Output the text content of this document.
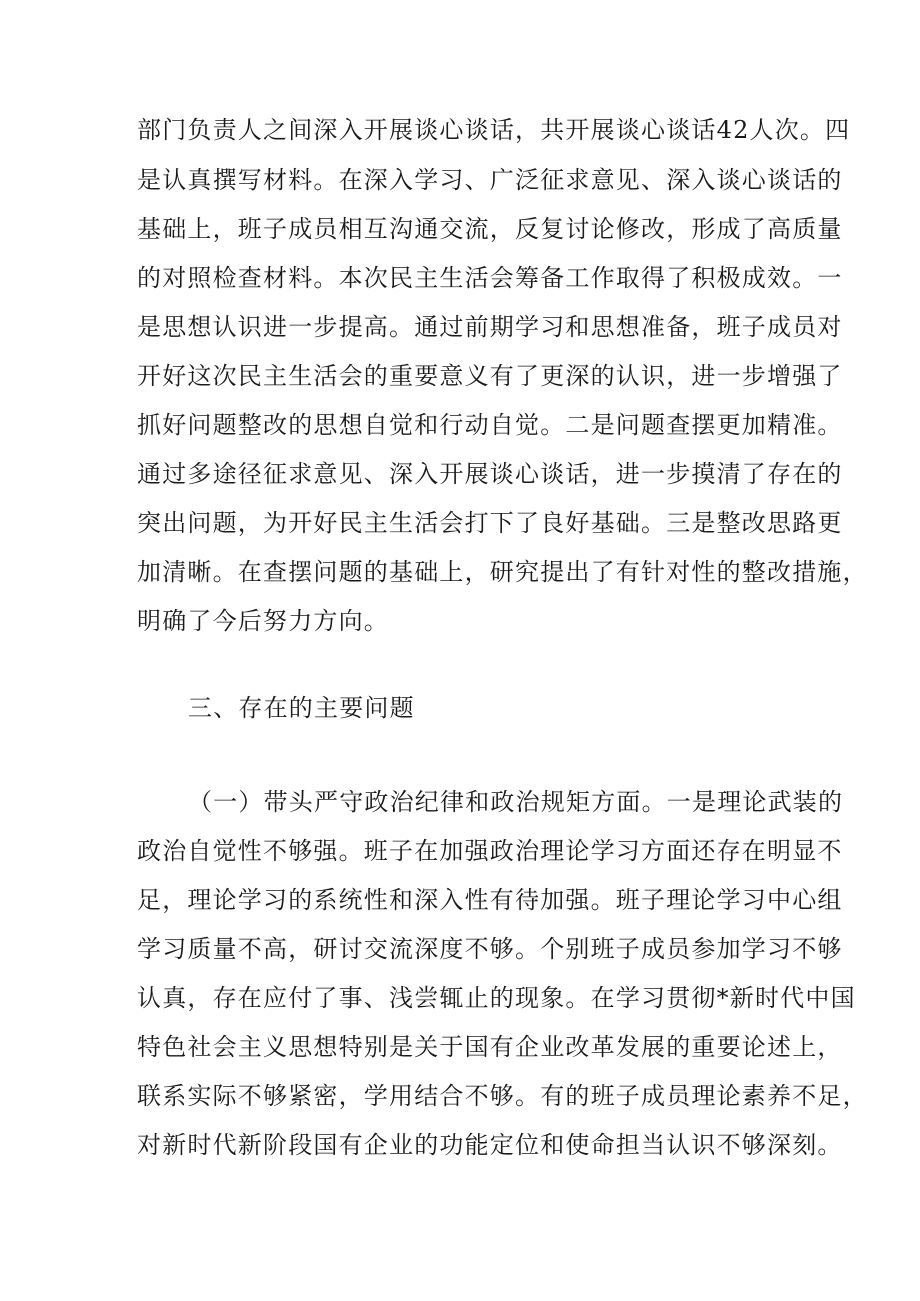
部门负责人之间深入开展谈心谈话，共开展谈心谈话42人次。四
是认真撰写材料。在深入学习、广泛征求意见、深入谈心谈话的
基础上，班子成员相互沟通交流，反复讨论修改，形成了高质量
的对照检查材料。本次民主生活会筹备工作取得了积极成效。一
是思想认识进一步提高。通过前期学习和思想准备，班子成员对
开好这次民主生活会的重要意义有了更深的认识，进一步增强了
抓好问题整改的思想自觉和行动自觉。二是问题查摆更加精准。
通过多途径征求意见、深入开展谈心谈话，进一步摸清了存在的
突出问题，为开好民主生活会打下了良好基础。三是整改思路更
加清晰。在查摆问题的基础上，研究提出了有针对性的整改措施，
明确了今后努力方向。
三、存在的主要问题
（一）带头严守政治纪律和政治规矩方面。一是理论武装的
政治自觉性不够强。班子在加强政治理论学习方面还存在明显不
足，理论学习的系统性和深入性有待加强。班子理论学习中心组
学习质量不高，研讨交流深度不够。个别班子成员参加学习不够
认真，存在应付了事、浅尝辄止的现象。在学习贯彻*新时代中国
特色社会主义思想特别是关于国有企业改革发展的重要论述上，
联系实际不够紧密，学用结合不够。有的班子成员理论素养不足，
对新时代新阶段国有企业的功能定位和使命担当认识不够深刻。
